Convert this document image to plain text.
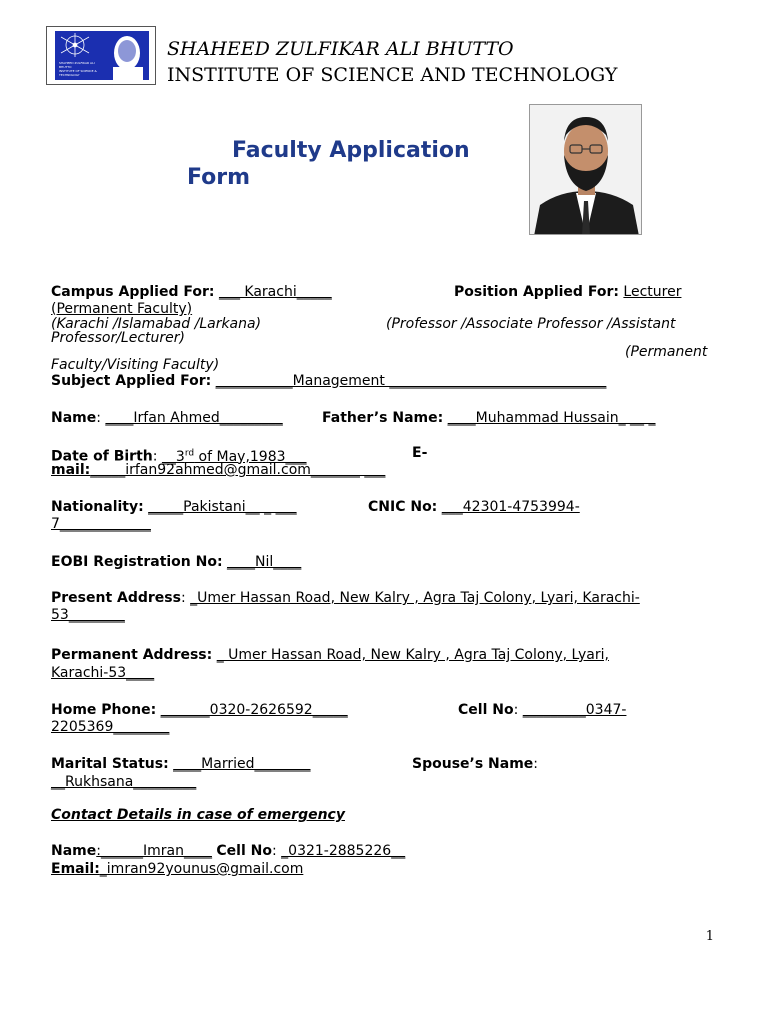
SHAHEED ZULFIKAR ALI BHUTTO
INSTITUTE OF SCIENCE & TECHNOLOGY
SHAHEED ZULFIKAR ALI BHUTTO
INSTITUTE OF SCIENCE AND TECHNOLOGY
Faculty Application
Form
Campus Applied For: ___ Karachi_____	Position Applied For: Lecturer
(Permanent Faculty)
(Karachi /Islamabad /Larkana)	(Professor /Associate Professor /Assistant
Professor/Lecturer)
(Permanent
Faculty/Visiting Faculty)
Subject Applied For: ___________Management _______________________________
Name: ____Irfan Ahmed_________	Father’s Name: ____Muhammad Hussain_ __ _
Date of Birth: __3rd of May,1983___	E-
mail:_____irfan92ahmed@gmail.com_______ ___
Nationality: _____Pakistani__ _ ___	CNIC No: ___42301-4753994-
7_____________
EOBI Registration No: ____Nil____
Present Address: _Umer Hassan Road, New Kalry , Agra Taj Colony, Lyari, Karachi-
53________
Permanent Address: _ Umer Hassan Road, New Kalry , Agra Taj Colony, Lyari,
Karachi-53____
Home Phone: _______0320-2626592_____	Cell No: _________0347-
2205369________
Marital Status: ____Married________	Spouse’s Name:
__Rukhsana_________
Contact Details in case of emergency
Name:______Imran____ Cell No: _0321-2885226__
Email:_imran92younus@gmail.com
1
